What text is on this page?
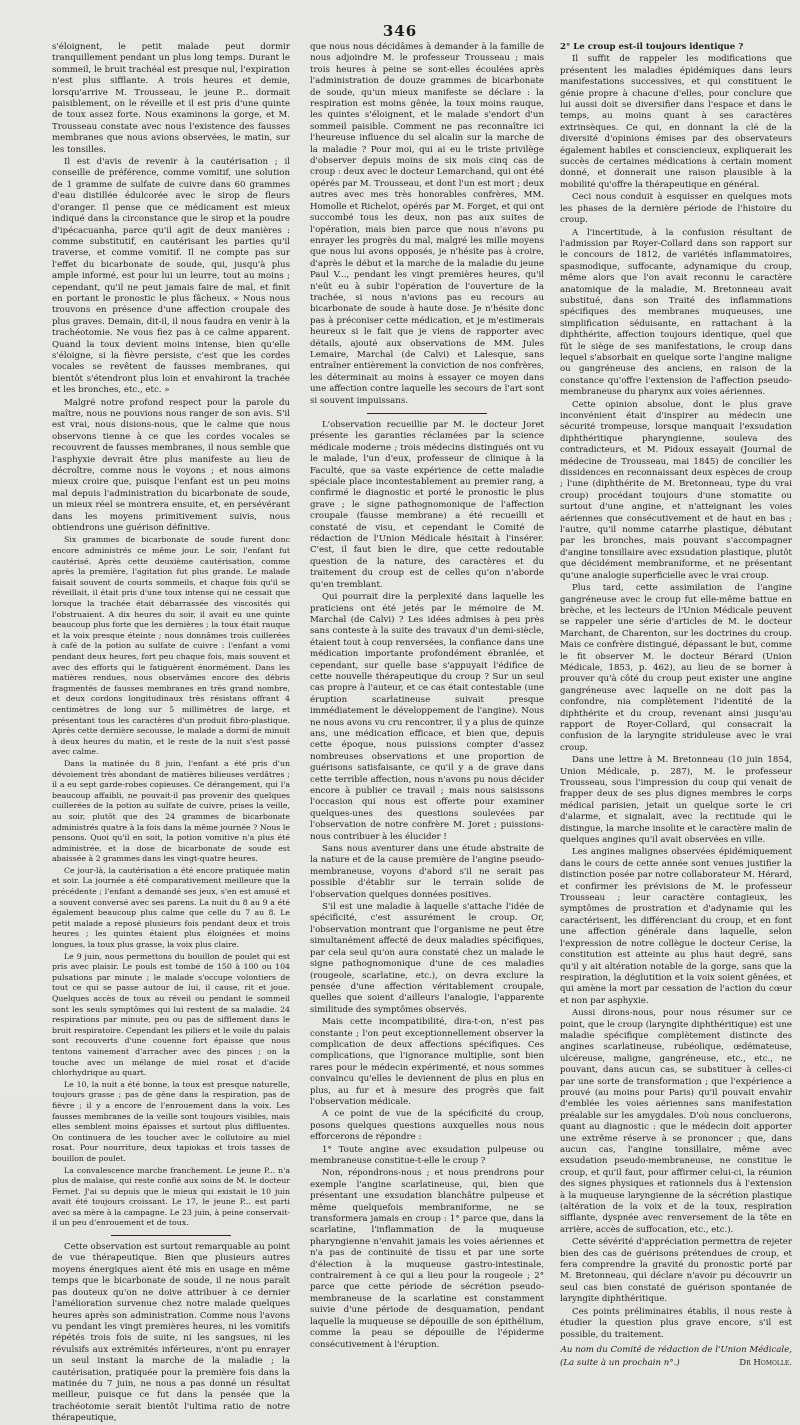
346

s'éloignent, le petit malade peut dormir tranquillement pendant un plus long temps. Durant le sommeil, le bruit trachéal est presque nul, l'expiration n'est plus sifflante. A trois heures et demie, lorsqu'arrive M. Trousseau, le jeune P... dormait paisiblement, on le réveille et il est pris d'une quinte de toux assez forte. Nous examinons la gorge, et M. Trousseau constate avec nous l'existence des fausses membranes que nous avions observées, le matin, sur les tonsilles.

Il est d'avis de revenir à la cautérisation ; il conseille de préférence, comme vomitif, une solution de 1 gramme de sulfate de cuivre dans 60 grammes d'eau distillée édulcorée avec le sirop de fleurs d'oranger. Il pense que ce médicament est mieux indiqué dans la circonstance que le sirop et la poudre d'ipécacuanha, parce qu'il agit de deux manières : comme substitutif, en cautérisant les parties qu'il traverse, et comme vomitif. Il ne compte pas sur l'effet du bicarbonate de soude, qui, jusqu'à plus ample informé, est pour lui un leurre, tout au moins ; cependant, qu'il ne peut jamais faire de mal, et finit en portant le pronostic le plus fâcheux. « Nous nous trouvons en présence d'une affection croupale des plus graves. Demain, dit-il, il nous faudra en venir à la trachéotomie. Ne vous fiez pas à ce calme apparent. Quand la toux devient moins intense, bien qu'elle s'éloigne, si la fièvre persiste, c'est que les cordes vocales se revêtent de fausses membranes, qui bientôt s'étendront plus loin et envahiront la trachée et les bronches, etc., etc. »

Malgré notre profond respect pour la parole du maître, nous ne pouvions nous ranger de son avis. S'il est vrai, nous disions-nous, que le calme que nous observons tienne à ce que les cordes vocales se recouvrent de fausses membranes, il nous semble que l'asphyxie devrait être plus manifeste au lieu de décroître, comme nous le voyons ; et nous aimons mieux croire que, puisque l'enfant est un peu moins mal depuis l'administration du bicarbonate de soude, un mieux réel se montrera ensuite, et, en persévérant dans les moyens primitivement suivis, nous obtiendrons une guérison définitive.

Six grammes de bicarbonate de soude furent donc encore administrés ce même jour. Le soir, l'enfant fut cautérisé. Après cette deuxième cautérisation, comme après la première, l'agitation fut plus grande. Le malade faisait souvent de courts sommeils, et chaque fois qu'il se réveillait, il était pris d'une toux intense qui ne cessait que lorsque la trachée était débarrassée des viscosités qui l'obstruaient. A dix heures du soir, il avait eu une quinte beaucoup plus forte que les dernières ; la toux était rauque et la voix presque éteinte ; nous donnâmes trois cuillerées à café de la potion au sulfate de cuivre : l'enfant a vomi pendant deux heures, fort peu chaque fois, mais souvent et avec des efforts qui le fatiguèrent énormément. Dans les matières rendues, nous observâmes encore des débris fragmentés de fausses membranes en très grand nombre, et deux cordons longitudinaux très résistans offrant 4 centimètres de long sur 5 millimètres de large, et présentant tous les caractères d'un produit fibro-plastique. Après cette dernière secousse, le malade a dormi de minuit à deux heures du matin, et le reste de la nuit s'est passé avec calme.

Dans la matinée du 8 juin, l'enfant a été pris d'un dévoiement très abondant de matières bilieuses verdâtres ; il a eu sept garde-robes copieuses. Ce dérangement, qui l'a beaucoup affaibli, ne pouvait-il pas provenir des quelques cuillerées de la potion au sulfate de cuivre, prises la veille, au soir, plutôt que des 24 grammes de bicarbonate administrés quatre à la fois dans la même journée ? Nous le pensons. Quoi qu'il en soit, la potion vomitive n'a plus été administrée, et la dose de bicarbonate de soude est abaissée à 2 grammes dans les vingt-quatre heures.

Ce jour-là, la cautérisation a été encore pratiquée matin et soir. La journée a été comparativement meilleure que la précédente ; l'enfant a demandé ses jeux, s'en est amusé et a souvent conversé avec ses parens. La nuit du 8 au 9 a été également beaucoup plus calme que celle du 7 au 8. Le petit malade a reposé plusieurs fois pendant deux et trois heures ; les quintes étaient plus éloignées et moins longues, la toux plus grasse, la voix plus claire.

Le 9 juin, nous permettons du bouillon de poulet qui est pris avec plaisir. Le pouls est tombé de 150 à 100 ou 104 pulsations par minute ; le malade s'occupe volontiers de tout ce qui se passe autour de lui, il cause, rit et joue. Quelques accès de toux au réveil ou pendant le sommeil sont les seuls symptômes qui lui restent de sa maladie. 24 respirations par minute, peu ou pas de sifflement dans le bruit respiratoire. Cependant les piliers et le voile du palais sont recouverts d'une couenne fort épaisse que nous tentons vainement d'arracher avec des pinces ; on la touche avec un mélange de miel rosat et d'acide chlorhydrique au quart.

Le 10, la nuit a été bonne, la toux est presque naturelle, toujours grasse ; pas de gêne dans la respiration, pas de fièvre ; il y a encore de l'enrouement dans la voix. Les fausses membranes de la veille sont toujours visibles, mais elles semblent moins épaisses et surtout plus diffluentes. On continuera de les toucher avec le collutoire au miel rosat. Pour nourriture, deux tapiokas et trois tasses de bouillon de poulet.

La convalescence marche franchement. Le jeune P... n'a plus de malaise, qui reste confié aux soins de M. le docteur Fernet. J'ai su depuis que le mieux qui existait le 10 juin avait été toujours croissant. Le 17, le jeune P... est parti avec sa mère à la campagne. Le 23 juin, à peine conservait-il un peu d'enrouement et de toux.

Cette observation est surtout remarquable au point de vue thérapeutique. Bien que plusieurs autres moyens énergiques aient été mis en usage en même temps que le bicarbonate de soude, il ne nous paraît pas douteux qu'on ne doive attribuer à ce dernier l'amélioration survenue chez notre malade quelques heures après son administration. Comme nous l'avons vu pendant les vingt premières heures, ni les vomitifs répétés trois fois de suite, ni les sangsues, ni les révulsifs aux extrémités inférieures, n'ont pu enrayer un seul instant la marche de la maladie ; la cautérisation, pratiquée pour la première fois dans la matinée du 7 juin, ne nous a pas donné un résultat meilleur, puisque ce fut dans la pensée que la trachéotomie serait bientôt l'ultima ratio de notre thérapeutique,

que nous nous décidâmes à demander à la famille de nous adjoindre M. le professeur Trousseau ; mais trois heures à peine se sont-elles écoulées après l'administration de douze grammes de bicarbonate de soude, qu'un mieux manifeste se déclare : la respiration est moins gênée, la toux moins rauque, les quintes s'éloignent, et le malade s'endort d'un sommeil paisible. Comment ne pas reconnaître ici l'heureuse influence du sel alcalin sur la marche de la maladie ? Pour moi, qui ai eu le triste privilège d'observer depuis moins de six mois cinq cas de croup : deux avec le docteur Lemarchand, qui ont été opérés par M. Trousseau, et dont l'un est mort ; deux autres avec mes très honorables confrères, MM. Homolle et Richelot, opérés par M. Forget, et qui ont succombé tous les deux, non pas aux suites de l'opération, mais bien parce que nous n'avons pu enrayer les progrès du mal, malgré les mille moyens que nous lui avons opposés, je n'hésite pas à croire, d'après le début et la marche de la maladie du jeune Paul V..., pendant les vingt premières heures, qu'il n'eût eu à subir l'opération de l'ouverture de la trachée, si nous n'avions pas eu recours au bicarbonate de soude à haute dose. Je n'hésite donc pas à préconiser cette médication, et je m'estimerais heureux si le fait que je viens de rapporter avec détails, ajouté aux observations de MM. Jules Lemaire, Marchal (de Calvi) et Lalesque, sans entraîner entièrement la conviction de nos confrères, les déterminait au moins à essayer ce moyen dans une affection contre laquelle les secours de l'art sont si souvent impuissans.

L'observation recueillie par M. le docteur Joret présente les garanties réclamées par la science médicale moderne ; trois médecins distingués ont vu le malade, l'un d'eux, professeur de clinique à la Faculté, que sa vaste expérience de cette maladie spéciale place incontestablement au premier rang, a confirmé le diagnostic et porté le pronostic le plus grave ; le signe pathognomonique de l'affection croupale (fausse membrane) a été recueilli et constaté de visu, et cependant le Comité de rédaction de l'Union Médicale hésitait à l'insérer. C'est, il faut bien le dire, que cette redoutable question de la nature, des caractères et du traitement du croup est de celles qu'on n'aborde qu'en tremblant.

Qui pourrait dire la perplexité dans laquelle les praticiens ont été jetés par le mémoire de M. Marchal (de Calvi) ? Les idées admises à peu près sans conteste à la suite des travaux d'un demi-siècle, étaient tout à coup renversées, la confiance dans une médication importante profondément ébranlée, et cependant, sur quelle base s'appuyait l'édifice de cette nouvelle thérapeutique du croup ? Sur un seul cas propre à l'auteur, et ce cas était contestable (une éruption scarlatineuse suivait presque immédiatement le développement de l'angine). Nous ne nous avons vu cru rencontrer, il y a plus de quinze ans, une médication efficace, et bien que, depuis cette époque, nous puissions compter d'assez nombreuses observations et une proportion de guérisons satisfaisante, ce qu'il y a de grave dans cette terrible affection, nous n'avons pu nous décider encore à publier ce travail ; mais nous saisissons l'occasion qui nous est offerte pour examiner quelques-unes des questions soulevées par l'observation de notre confrère M. Joret ; puissions-nous contribuer à les élucider !

Sans nous aventurer dans une étude abstraite de la nature et de la cause première de l'angine pseudo-membraneuse, voyons d'abord s'il ne serait pas possible d'établir sur le terrain solide de l'observation quelques données positives.

S'il est une maladie à laquelle s'attache l'idée de spécificité, c'est assurément le croup. Or, l'observation montrant que l'organisme ne peut être simultanément affecté de deux maladies spécifiques, par cela seul qu'on aura constaté chez un malade le signe pathognomonique d'une de ces maladies (rougeole, scarlatine, etc.), on devra exclure la pensée d'une affection véritablement croupale, quelles que soient d'ailleurs l'analogie, l'apparente similitude des symptômes observés.

Mais cette incompatibilité, dira-t-on, n'est pas constante ; l'on peut exceptionnellement observer la complication de deux affections spécifiques. Ces complications, que l'ignorance multiplie, sont bien rares pour le médecin expérimenté, et nous sommes convaincu qu'elles le deviennent de plus en plus en plus, au fur et à mesure des progrès que fait l'observation médicale.

A ce point de vue de la spécificité du croup, posons quelques questions auxquelles nous nous efforcerons de répondre :

1° Toute angine avec exsudation pulpeuse ou membraneuse constitue-t-elle le croup ?

Non, répondrons-nous ; et nous prendrons pour exemple l'angine scarlatineuse, qui, bien que présentant une exsudation blanchâtre pulpeuse et même quelquefois membraniforme, ne se transformera jamais en croup : 1° parce que, dans la scarlatine, l'inflammation de la muqueuse pharyngienne n'envahit jamais les voies aériennes et n'a pas de continuité de tissu et par une sorte d'élection à la muqueuse gastro-intestinale, contrairement à ce qui a lieu pour la rougeole ; 2° parce que cette période de sécrétion pseudo-membraneuse de la scarlatine est constamment suivie d'une période de desquamation, pendant laquelle la muqueuse se dépouille de son épithélium, comme la peau se dépouille de l'épiderme consécutivement à l'éruption.

2° Le croup est-il toujours identique ?

Il suffit de rappeler les modifications que présentent les maladies épidémiques dans leurs manifestations successives, et qui constituent le génie propre à chacune d'elles, pour conclure que lui aussi doit se diversifier dans l'espace et dans le temps, au moins quant à ses caractères extrinsèques. Ce qui, en donnant la clé de la diversité d'opinions émises par des observateurs également habiles et consciencieux, expliquerait les succès de certaines médications à certain moment donné, et donnerait une raison plausible à la mobilité qu'offre la thérapeutique en général.

Ceci nous conduit à esquisser en quelques mots les phases de la dernière période de l'histoire du croup.

A l'incertitude, à la confusion résultant de l'admission par Royer-Collard dans son rapport sur le concours de 1812, de variétés inflammatoires, spasmodique, suffocante, adynamique du croup, même alors que l'on avait reconnu le caractère anatomique de la maladie, M. Bretonneau avait substitué, dans son Traité des inflammations spécifiques des membranes muqueuses, une simplification séduisante, en rattachant à la diphthérite, affection toujours identique, quel que fût le siège de ses manifestations, le croup dans lequel s'absorbait en quelque sorte l'angine maligne ou gangréneuse des anciens, en raison de la constance qu'offre l'extension de l'affection pseudo-membraneuse du pharynx aux voies aériennes.

Cette opinion absolue, dont le plus grave inconvénient était d'inspirer au médecin une sécurité trompeuse, lorsque manquait l'exsudation diphthéritique pharyngienne, souleva des contradicteurs, et M. Pidoux essayait (Journal de médecine de Trousseau, mai 1845) de concilier les dissidences en reconnaissant deux espèces de croup ; l'une (diphthérite de M. Bretonneau, type du vrai croup) procédant toujours d'une stomatite ou surtout d'une angine, et n'atteignant les voies aériennes que consécutivement et de haut en bas ; l'autre, qu'il nomme catarrhe plastique, débutant par les bronches, mais pouvant s'accompagner d'angine tonsillaire avec exsudation plastique, plutôt que décidément membraniforme, et ne présentant qu'une analogie superficielle avec le vrai croup.

Plus tard, cette assimilation de l'angine gangréneuse avec le croup fut elle-même battue en brèche, et les lecteurs de l'Union Médicale peuvent se rappeler une série d'articles de M. le docteur Marchant, de Charenton, sur les doctrines du croup. Mais ce confrère distingué, dépassant le but, comme le fit observer M. le docteur Bérard (Union Médicale, 1853, p. 462), au lieu de se borner à prouver qu'à côté du croup peut exister une angine gangréneuse avec laquelle on ne doit pas la confondre, nia complètement l'identité de la diphthérite et du croup, revenant ainsi jusqu'au rapport de Royer-Collard, qui consacrait la confusion de la laryngite striduleuse avec le vrai croup.

Dans une lettre à M. Bretonneau (10 juin 1854, Union Médicale, p. 287), M. le professeur Trousseau, sous l'impression du coup qui venait de frapper deux de ses plus dignes membres le corps médical parisien, jetait un quelque sorte le cri d'alarme, et signalait, avec la rectitude qui le distingue, la marche insolite et le caractère malin de quelques angines qu'il avait observées en ville.

Les angines malignes observées épidémiquement dans le cours de cette année sont venues justifier la distinction posée par notre collaborateur M. Hérard, et confirmer les prévisions de M. le professeur Trousseau ; leur caractère contagieux, les symptômes de prostration et d'adynamie qui les caractérisent, les différenciant du croup, et en font une affection générale dans laquelle, selon l'expression de notre collègue le docteur Cerise, la constitution est atteinte au plus haut degré, sans qu'il y ait altération notable de la gorge, sans que la respiration, la déglutition et la voix soient gênées, et qui amène la mort par cessation de l'action du cœur et non par asphyxie.

Aussi dirons-nous, pour nous résumer sur ce point, que le croup (laryngite diphthéritique) est une maladie spécifique complètement distincte des angines scarlatineuse, rubéolique, œdémateuse, ulcéreuse, maligne, gangréneuse, etc., etc., ne pouvant, dans aucun cas, se substituer à celles-ci par une sorte de transformation ; que l'expérience a prouvé (au moins pour Paris) qu'il pouvait envahir d'emblée les voies aériennes sans manifestation préalable sur les amygdales. D'où nous concluerons, quant au diagnostic : que le médecin doit apporter une extrême réserve à se prononcer ; que, dans aucun cas, l'angine tonsillaire, même avec exsudation pseudo-membraneuse, ne constitue le croup, et qu'il faut, pour affirmer celui-ci, la réunion des signes physiques et rationnels dus à l'extension à la muqueuse laryngienne de la sécrétion plastique (altération de la voix et de la toux, respiration sifflante, dyspnée avec renversement de la tête en arrière, accès de suffocation, etc., etc.).

Cette sévérité d'appréciation permettra de rejeter bien des cas de guérisons prétendues de croup, et fera comprendre la gravité du pronostic porté par M. Bretonneau, qui déclare n'avoir pu découvrir un seul cas bien constaté de guérison spontanée de laryngite diphthéritique.

Ces points préliminaires établis, il nous reste à étudier la question plus grave encore, s'il est possible, du traitement.

Au nom du Comité de rédaction de l'Union Médicale,

(La suite à un prochain n°.)	Dr Homolle.
